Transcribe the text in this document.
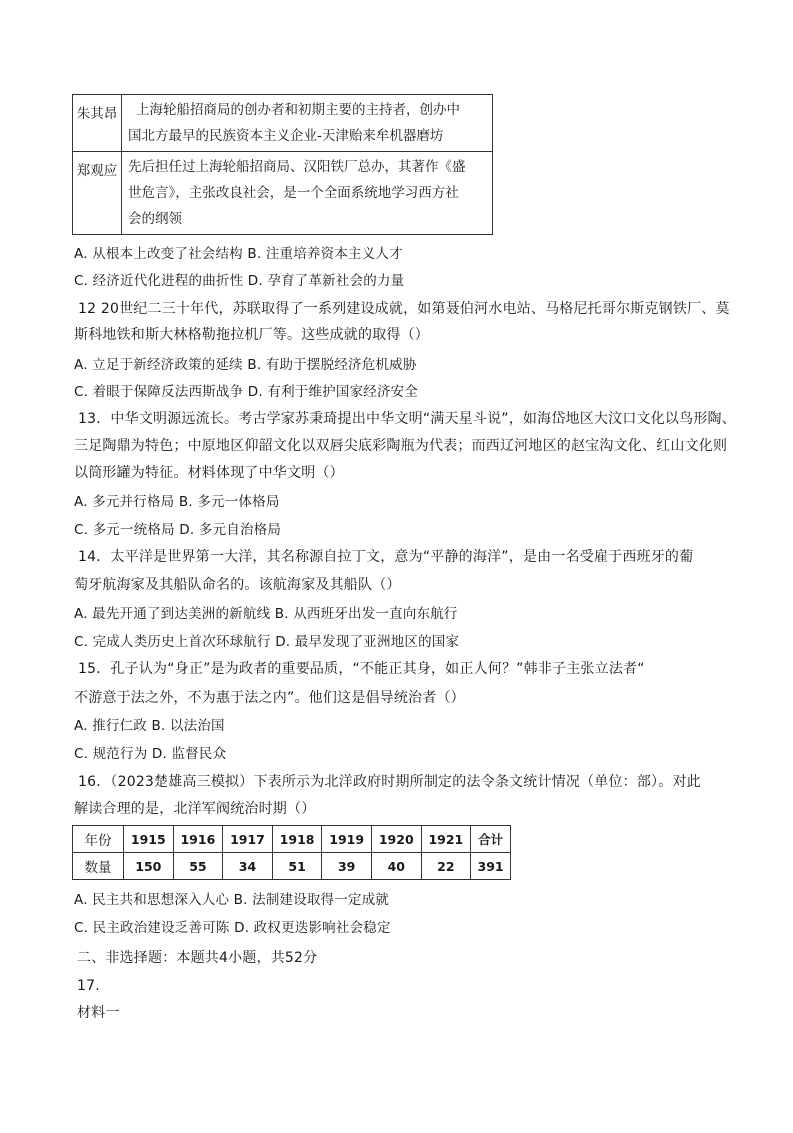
朱其昂	上海轮船招商局的创办者和初期主要的主持者，创办中
国北方最早的民族资本主义企业-天津贻来牟机器磨坊

郑观应	先后担任过上海轮船招商局、汉阳铁厂总办，其著作《盛
世危言》，主张改良社会，是一个全面系统地学习西方社
会的纲领
A. 从根本上改变了社会结构 B. 注重培养资本主义人才
C. 经济近代化进程的曲折性 D. 孕育了革新社会的力量
12 20世纪二三十年代，苏联取得了一系列建设成就，如第聂伯河水电站、马格尼托哥尔斯克钢铁厂、莫
斯科地铁和斯大林格勒拖拉机厂等。这些成就的取得（）
A. 立足于新经济政策的延续 B. 有助于摆脱经济危机威胁
C. 着眼于保障反法西斯战争 D. 有利于维护国家经济安全
13．中华文明源远流长。考古学家苏秉琦提出中华文明“满天星斗说”，如海岱地区大汶口文化以鸟形陶、
三足陶鼎为特色；中原地区仰韶文化以双唇尖底彩陶瓶为代表；而西辽河地区的赵宝沟文化、红山文化则
以筒形罐为特征。材料体现了中华文明（）
A. 多元并行格局 B. 多元一体格局
C. 多元一统格局 D. 多元自治格局
14．太平洋是世界第一大洋，其名称源自拉丁文，意为“平静的海洋”，是由一名受雇于西班牙的葡
萄牙航海家及其船队命名的。该航海家及其船队（）
A. 最先开通了到达美洲的新航线 B. 从西班牙出发一直向东航行
C. 完成人类历史上首次环球航行 D. 最早发现了亚洲地区的国家
15．孔子认为“身正”是为政者的重要品质，“不能正其身，如正人何？”韩非子主张立法者“
不游意于法之外，不为惠于法之内”。他们这是倡导统治者（）
A. 推行仁政 B. 以法治国
C. 规范行为 D. 监督民众
16．（2023楚雄高三模拟）下表所示为北洋政府时期所制定的法令条文统计情况（单位：部）。对此
解读合理的是，北洋军阀统治时期（）
年份	1915	1916	1917	1918	1919	1920	1921	合计
数量	150	55	34	51	39	40	22	391
A. 民主共和思想深入人心 B. 法制建设取得一定成就
C. 民主政治建设乏善可陈 D. 政权更迭影响社会稳定
二、非选择题：本题共4小题，共52分
17.
材料一
